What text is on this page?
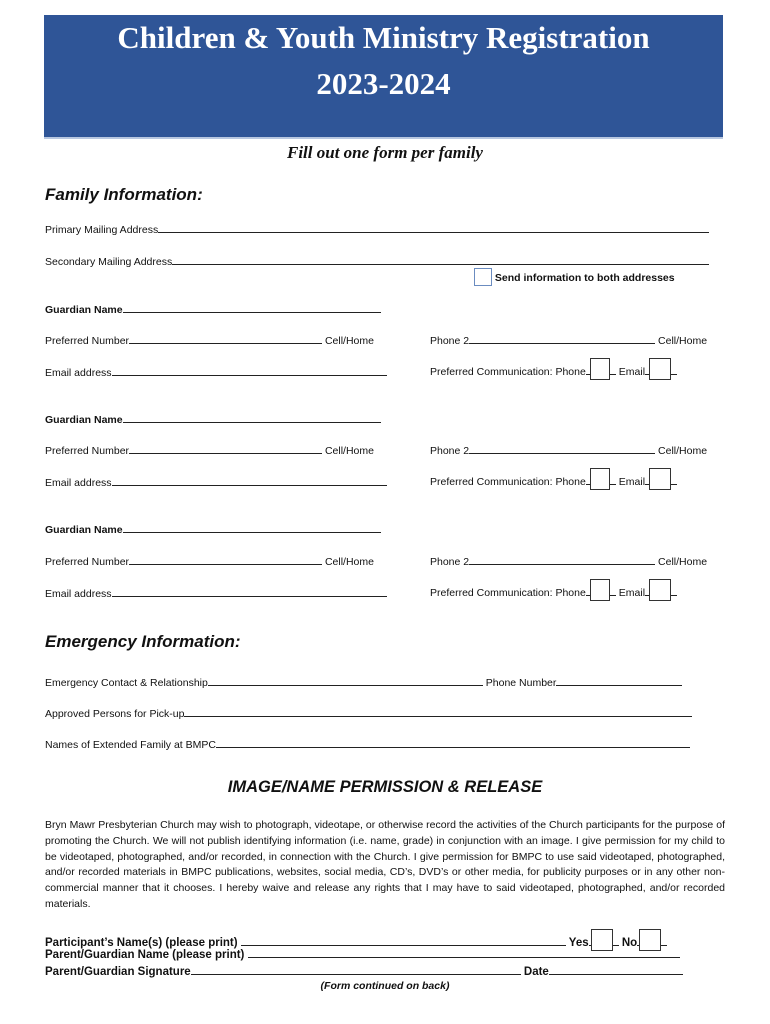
Children & Youth Ministry Registration
2023-2024
Fill out one form per family
Family Information:
Primary Mailing Address
Secondary Mailing Address
Send information to both addresses
Guardian Name
Preferred Number	Cell/Home	Phone 2	Cell/Home
Email address	Preferred Communication: Phone	Email
Guardian Name
Preferred Number	Cell/Home	Phone 2	Cell/Home
Email address	Preferred Communication: Phone	Email
Guardian Name
Preferred Number	Cell/Home	Phone 2	Cell/Home
Email address	Preferred Communication: Phone	Email
Emergency Information:
Emergency Contact & Relationship	Phone Number
Approved Persons for Pick-up
Names of Extended Family at BMPC
IMAGE/NAME PERMISSION & RELEASE
Bryn Mawr Presbyterian Church may wish to photograph, videotape, or otherwise record the activities of the Church participants for the purpose of promoting the Church. We will not publish identifying information (i.e. name, grade) in conjunction with an image. I give permission for my child to be videotaped, photographed, and/or recorded, in connection with the Church. I give permission for BMPC to use said videotaped, photographed, and/or recorded materials in BMPC publications, websites, social media, CD’s, DVD’s or other media, for publicity purposes or in any other non-commercial manner that it chooses. I hereby waive and release any rights that I may have to said videotaped, photographed, and/or recorded materials.
Participant’s Name(s) (please print)	Yes	No
Parent/Guardian Name (please print)
Parent/Guardian Signature	Date
(Form continued on back)
